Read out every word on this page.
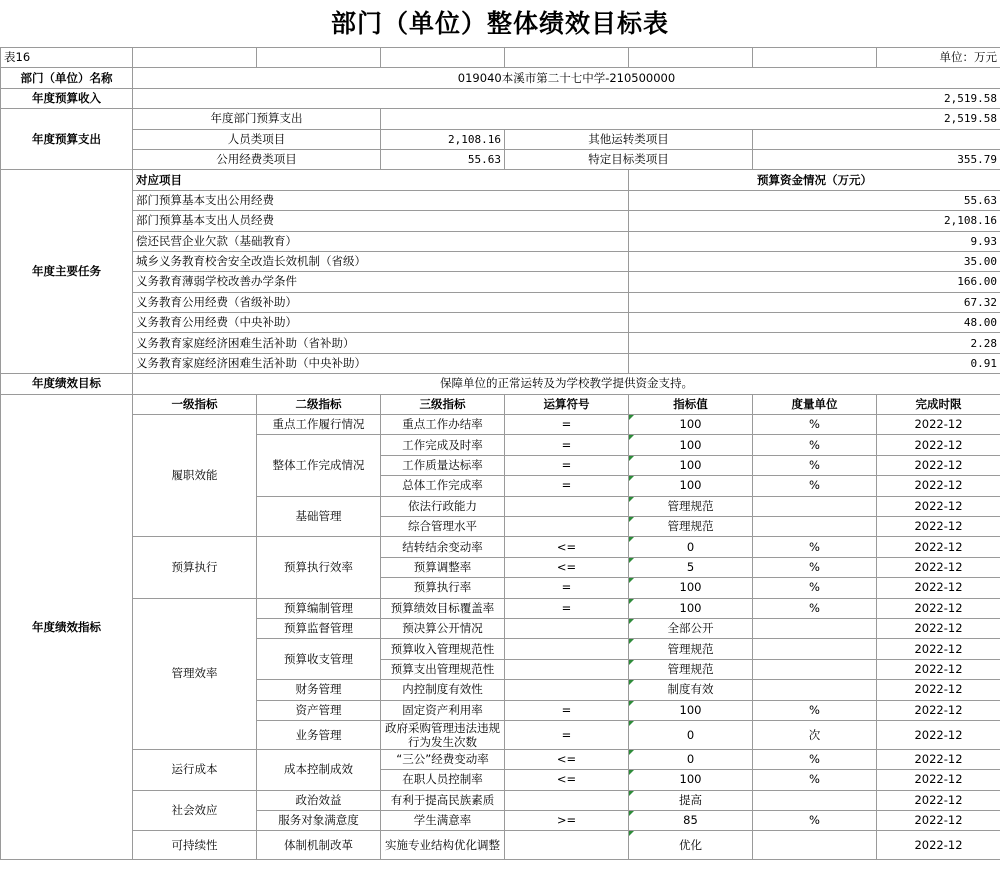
部门（单位）整体绩效目标表
表16							单位：万元
部门（单位）名称	019040本溪市第二十七中学-210500000						
年度预算收入	2,519.58						
年度预算支出	年度部门预算支出		2,519.58				
	人员类项目		2,108.16	其他运转类项目			
	公用经费类项目		55.63	特定目标类项目		355.79	
年度主要任务	对应项目				预算资金情况（万元）		
	部门预算基本支出公用经费				55.63		
	部门预算基本支出人员经费				2,108.16		
	偿还民营企业欠款（基础教育）				9.93		
	城乡义务教育校舍安全改造长效机制（省级）				35.00		
	义务教育薄弱学校改善办学条件				166.00		
	义务教育公用经费（省级补助）				67.32		
	义务教育公用经费（中央补助）				48.00		
	义务教育家庭经济困难生活补助（省补助）				2.28		
	义务教育家庭经济困难生活补助（中央补助）				0.91		
年度绩效目标	保障单位的正常运转及为学校教学提供资金支持。						
年度绩效指标	一级指标	二级指标	三级指标	运算符号	指标值	度量单位	完成时限
	履职效能	重点工作履行情况	重点工作办结率	=	100	%	2022-12
		整体工作完成情况	工作完成及时率	=	100	%	2022-12
			工作质量达标率	=	100	%	2022-12
			总体工作完成率	=	100	%	2022-12
		基础管理	依法行政能力		管理规范		2022-12
			综合管理水平		管理规范		2022-12
	预算执行	预算执行效率	结转结余变动率	<=	0	%	2022-12
			预算调整率	<=	5	%	2022-12
			预算执行率	=	100	%	2022-12
	管理效率	预算编制管理	预算绩效目标覆盖率	=	100	%	2022-12
		预算监督管理	预决算公开情况		全部公开		2022-12
		预算收支管理	预算收入管理规范性		管理规范		2022-12
			预算支出管理规范性		管理规范		2022-12
		财务管理	内控制度有效性		制度有效		2022-12
		资产管理	固定资产利用率	=	100	%	2022-12
		业务管理	政府采购管理违法违规行为发生次数	=	0	次	2022-12
	运行成本	成本控制成效	“三公”经费变动率	<=	0	%	2022-12
			在职人员控制率	<=	100	%	2022-12
	社会效应	政治效益	有利于提高民族素质		提高		2022-12
		服务对象满意度	学生满意率	>=	85	%	2022-12
	可持续性	体制机制改革	实施专业结构优化调整		优化		2022-12
